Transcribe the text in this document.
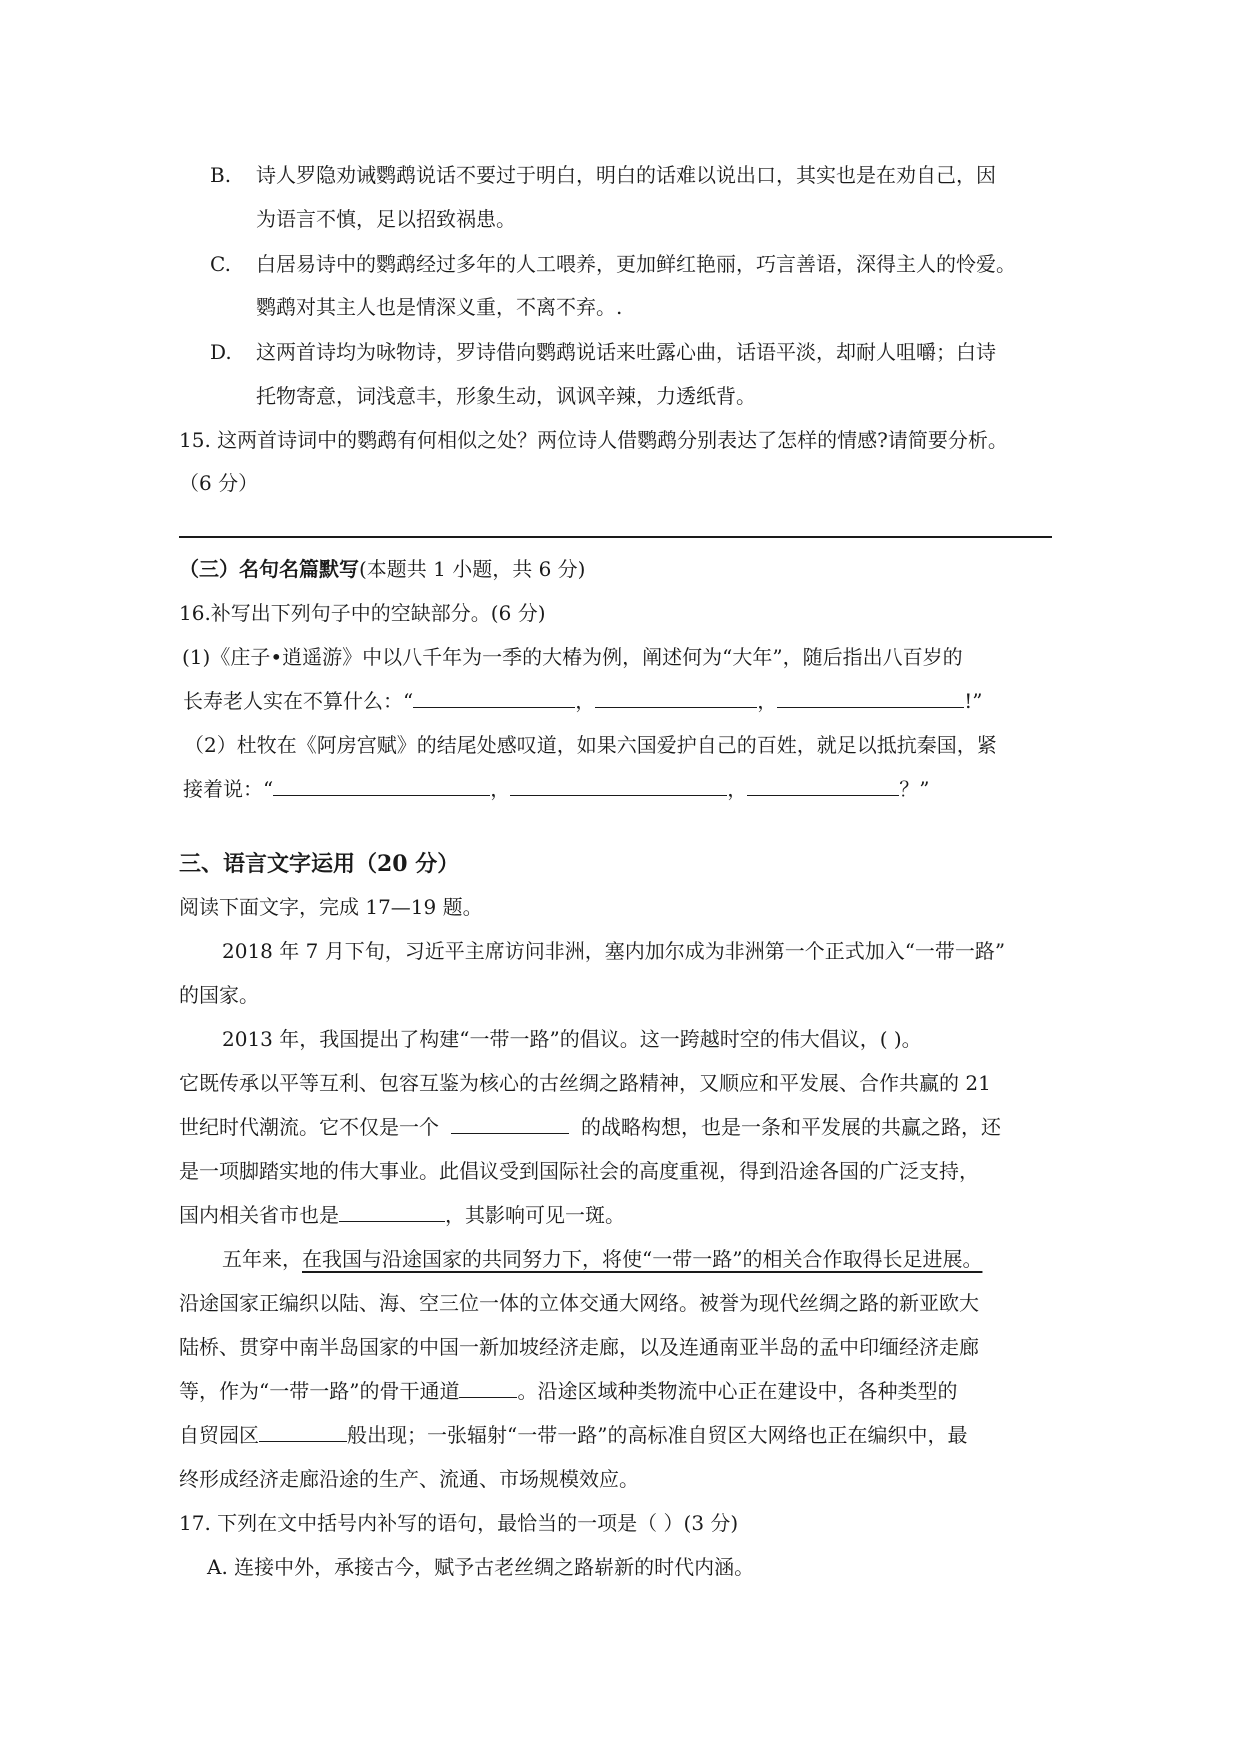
B. 诗人罗隐劝诫鹦鹉说话不要过于明白，明白的话难以说出口，其实也是在劝自己，因
为语言不慎，足以招致祸患。
C. 白居易诗中的鹦鹉经过多年的人工喂养，更加鲜红艳丽，巧言善语，深得主人的怜爱。
鹦鹉对其主人也是情深义重，不离不弃。.
D. 这两首诗均为咏物诗，罗诗借向鹦鹉说话来吐露心曲，话语平淡，却耐人咀嚼；白诗
托物寄意，词浅意丰，形象生动，讽讽辛辣，力透纸背。
15. 这两首诗词中的鹦鹉有何相似之处？两位诗人借鹦鹉分别表达了怎样的情感?请简要分析。
（6 分）
（三）名句名篇默写(本题共 1 小题，共 6 分)
16.补写出下列句子中的空缺部分。(6 分)
(1)《庄子•逍遥游》中以八千年为一季的大椿为例，阐述何为“大年”，随后指出八百岁的
长寿老人实在不算什么：“	，	，	!”
（2）杜牧在《阿房宫赋》的结尾处感叹道，如果六国爱护自己的百姓，就足以抵抗秦国，紧
接着说：“	，	，	？”
三、语言文字运用（20 分）
阅读下面文字，完成 17—19 题。
2018 年 7 月下旬，习近平主席访问非洲，塞内加尔成为非洲第一个正式加入“一带一路”
的国家。
2013 年，我国提出了构建“一带一路”的倡议。这一跨越时空的伟大倡议，( )。
它既传承以平等互利、包容互鉴为核心的古丝绸之路精神，又顺应和平发展、合作共赢的 21
世纪时代潮流。它不仅是一个	的战略构想，也是一条和平发展的共赢之路，还
是一项脚踏实地的伟大事业。此倡议受到国际社会的高度重视，得到沿途各国的广泛支持，
国内相关省市也是	，其影响可见一斑。
五年来，在我国与沿途国家的共同努力下，将使“一带一路”的相关合作取得长足进展。
沿途国家正编织以陆、海、空三位一体的立体交通大网络。被誉为现代丝绸之路的新亚欧大
陆桥、贯穿中南半岛国家的中国一新加坡经济走廊，以及连通南亚半岛的孟中印缅经济走廊
等，作为“一带一路”的骨干通道	。沿途区域种类物流中心正在建设中，各种类型的
自贸园区	般出现；一张辐射“一带一路”的高标准自贸区大网络也正在编织中，最
终形成经济走廊沿途的生产、流通、市场规模效应。
17. 下列在文中括号内补写的语句，最恰当的一项是（ ）(3 分)
A. 连接中外，承接古今，赋予古老丝绸之路崭新的时代内涵。
